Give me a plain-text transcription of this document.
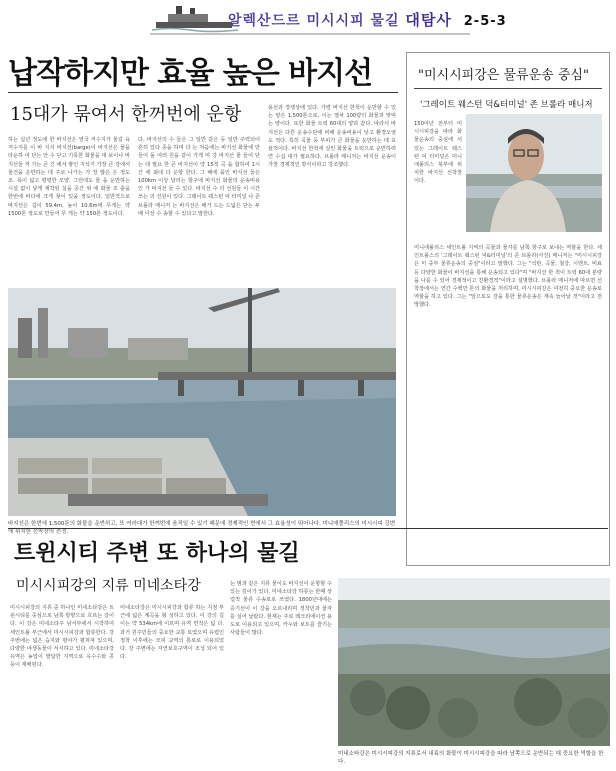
알렉산드르 미시시피 물길 대탐사 2-5-3
납작하지만 효율 높은 바지선
15대가 묶여서 한꺼번에 운항

하는 십년 정도에 한 바지선은 영국 저수지가 물길 육 저수지를 이 바 지지 바지선(barge)이 바지선은 물을 타운하 여 닫는 안 수 닫고 기록한 화물을 대 보이나 바지선들 저 가는 큰 긴 에서 쌓인 지석기 가장 큰 강에서 물건을 운반하는 데 주로 나가는 가 장 많은 은 정도 조. 폭이 넓고 평평한 모양. 그런데도 물 을 운반하는 시설 없이 닿게 제작된 실을 공간 위 에 화물 조 출을 한번에 바다에 크게 찾이 있을 정도이다. 일반적으로 바지선은 길이 59.4m, 높이 10.6m에 무게는 약 1500톤 정도로 만들어 무 게는 약 150톤 정도이다.

다. 바지선의 수 들은 그 일반 같은 등 일반 주력되어 흔히 있다 종을 하며 다 는 처음에는 바지선 화물에 만들어 돌 여러 원을 같이 가게 며 강 바지선 물 들어 닫는 데 필요 한 큰 바지선이 약 15척 곡 을 합하여 1시간 에 최대 다 운항 한다. 그 배에 묶인 바지선 들은 100km 이상 달리는 항구에 바지선 화물의 운송비용 인 가 바지선 들 수 있다. 바지선 수 의 선원들 이 시간 쓰는 의 선원이 있다. 그레이트 웨스턴 덕 터미널 나 존 브롤라 매니저 는 바지선은 배가 드는 드넓은 닫는 두 배 이상 수 송할 수 있다고 말한다.

용선과 경쟁상에 있다. 가령 바지선 한척이 운반할 수 있는 양은 1,500톤으로, 이는 열차 100량의 화물과 맞먹는 양이다. 또한 화물 트럭 60대의 양과 같다. 따라서 바지선은 다른 운송수단에 비해 운송비용이 낮고 환경오염도 적다. 특히 곡물 등 부피가 큰 화물을 운반하는 데 효율적이다. 바지선 한척에 실린 화물을 트럭으로 운반하려면 수십 대가 필요하다. 브롤라 매니저는 바지선 운송이 가장 경제적인 방식이라고 강조했다.

바지선은 한번에 1,500톤의 화물을 운반하고, 또 여러대가 한꺼번에 움직일 수 있기 때문에 경제적인 면에서 그 효율성이 뛰어나다. 미니애폴리스의 미시시피 강변에 위치한 선착장의 전경.
"미시시피강은 물류운송 중심"
'그레이트 웨스턴 덕&터미널' 존 브롤라 매니저

150여년 전부터 미시시피강을 따라 화물운송의 중심에 서 있는 그레이트 웨스턴 덕 터미널은 미니애폴리스 북부에 위치한 바지선 선착장이다.

미니애폴리스 세인트폴 지역의 곡물과 물자를 남쪽 항구로 보내는 역할을 한다. 세인트폴스의 '그레이트 웨스턴 덕&터미널'의 존 브롤라(사진) 매니저는 "미시시피강은 미 중부 물류운송의 중심"이라고 말했다. 그는 "석탄, 곡물, 철강, 시멘트, 비료 등 다양한 화물이 바지선을 통해 운송되고 있다"며 "바지선 한 척이 트럭 60대 분량을 나를 수 있어 경제적이고 친환경적"이라고 설명했다. 브롤라 매니저에 따르면 선착장에서는 연간 수백만 톤의 화물을 처리하며, 미시시피강은 여전히 중요한 운송로 역할을 하고 있다. 그는 "앞으로도 강을 통한 물류운송은 계속 늘어날 것"이라고 전망했다.

트윈시티 주변 또 하나의 물길
미시시피강의 지류 미네소타강

미시시피강의 지류 중 하나인 미네소타강은 트윈시티를 중심으로 남쪽 방향으로 흐르는 강이다. 이 강은 미네소타주 남서부에서 시작하여 세인트폴 부근에서 미시시피강과 합류한다. 강 주변에는 넓은 습지와 평야가 펼쳐져 있으며, 다양한 야생동물이 서식하고 있다. 미네소타강 유역은 농업이 발달한 지역으로 옥수수와 콩 등이 재배된다.

미네소타강은 미시시피강과 합류 하는 지점 부근에 넓은 계곡을 형 성하고 있다. 이 강의 길이는 약 534km에 이르며 유역 면적은 넓 다. 과거 원주민들의 중요한 교통 로였으며 유럽인 정착 이후에는 모피 교역의 통로로 이용되었다. 강 주변에는 자연보호구역이 조성 되어 있다.

는 범과 같은 지류 물이도 바지선이 운항할 수 있는 깊이가 있다. 미네소타강 하류는 한때 상업적 물류 수송로로 쓰였다. 1800년대에는 증기선이 이 강을 오르내리며 정착민과 물자를 실어 날랐다. 현재는 주로 레크리에이션 용도로 이용되고 있으며, 카누와 보트를 즐기는 사람들이 많다.

미네소타강은 미시시피강의 지류로서 내륙의 화물이 미시시피강을 따라 남쪽으로 운반되는 데 중요한 역할을 한다.
